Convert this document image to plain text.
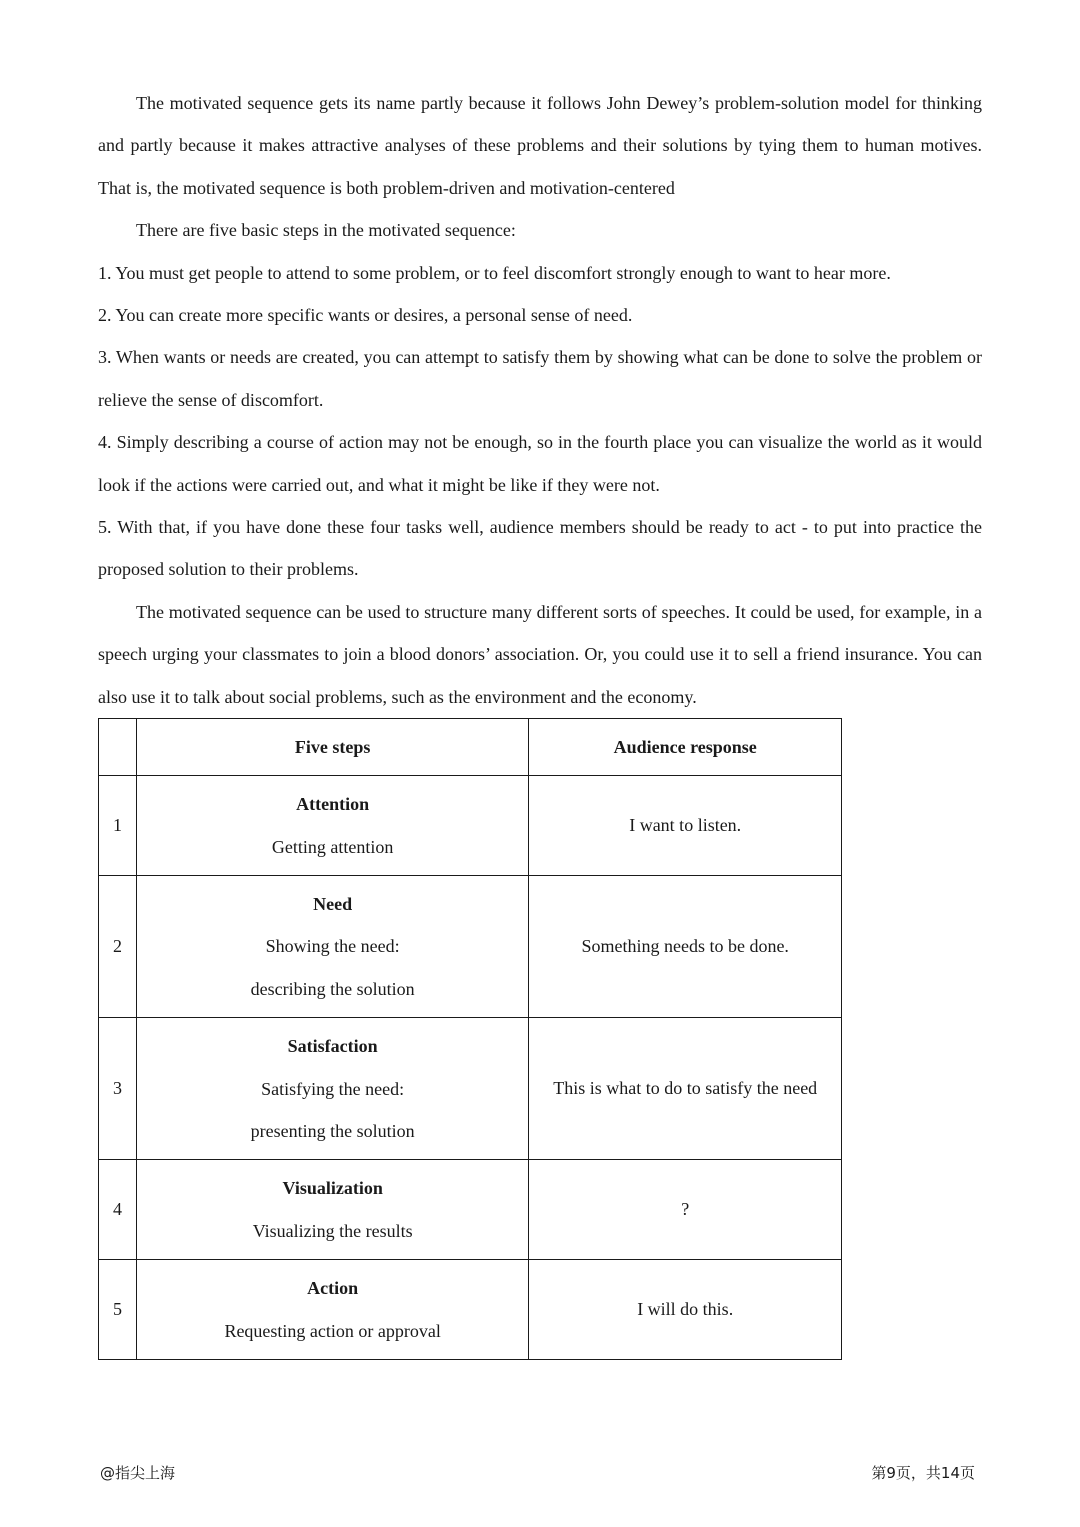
The motivated sequence gets its name partly because it follows John Dewey’s problem-solution model for thinking and partly because it makes attractive analyses of these problems and their solutions by tying them to human motives. That is, the motivated sequence is both problem-driven and motivation-centered

There are five basic steps in the motivated sequence:

1. You must get people to attend to some problem, or to feel discomfort strongly enough to want to hear more.

2. You can create more specific wants or desires, a personal sense of need.

3. When wants or needs are created, you can attempt to satisfy them by showing what can be done to solve the problem or relieve the sense of discomfort.

4. Simply describing a course of action may not be enough, so in the fourth place you can visualize the world as it would look if the actions were carried out, and what it might be like if they were not.

5. With that, if you have done these four tasks well, audience members should be ready to act - to put into practice the proposed solution to their problems.

The motivated sequence can be used to structure many different sorts of speeches. It could be used, for example, in a speech urging your classmates to join a blood donors’ association. Or, you could use it to sell a friend insurance. You can also use it to talk about social problems, such as the environment and the economy.

	Five steps	Audience response
1	Attention
Getting attention	I want to listen.
2	Need
Showing the need:
describing the solution	Something needs to be done.
3	Satisfaction
Satisfying the need:
presenting the solution	This is what to do to satisfy the need
4	Visualization
Visualizing the results	?
5	Action
Requesting action or approval	I will do this.
@指尖上海	第9页，共14页
